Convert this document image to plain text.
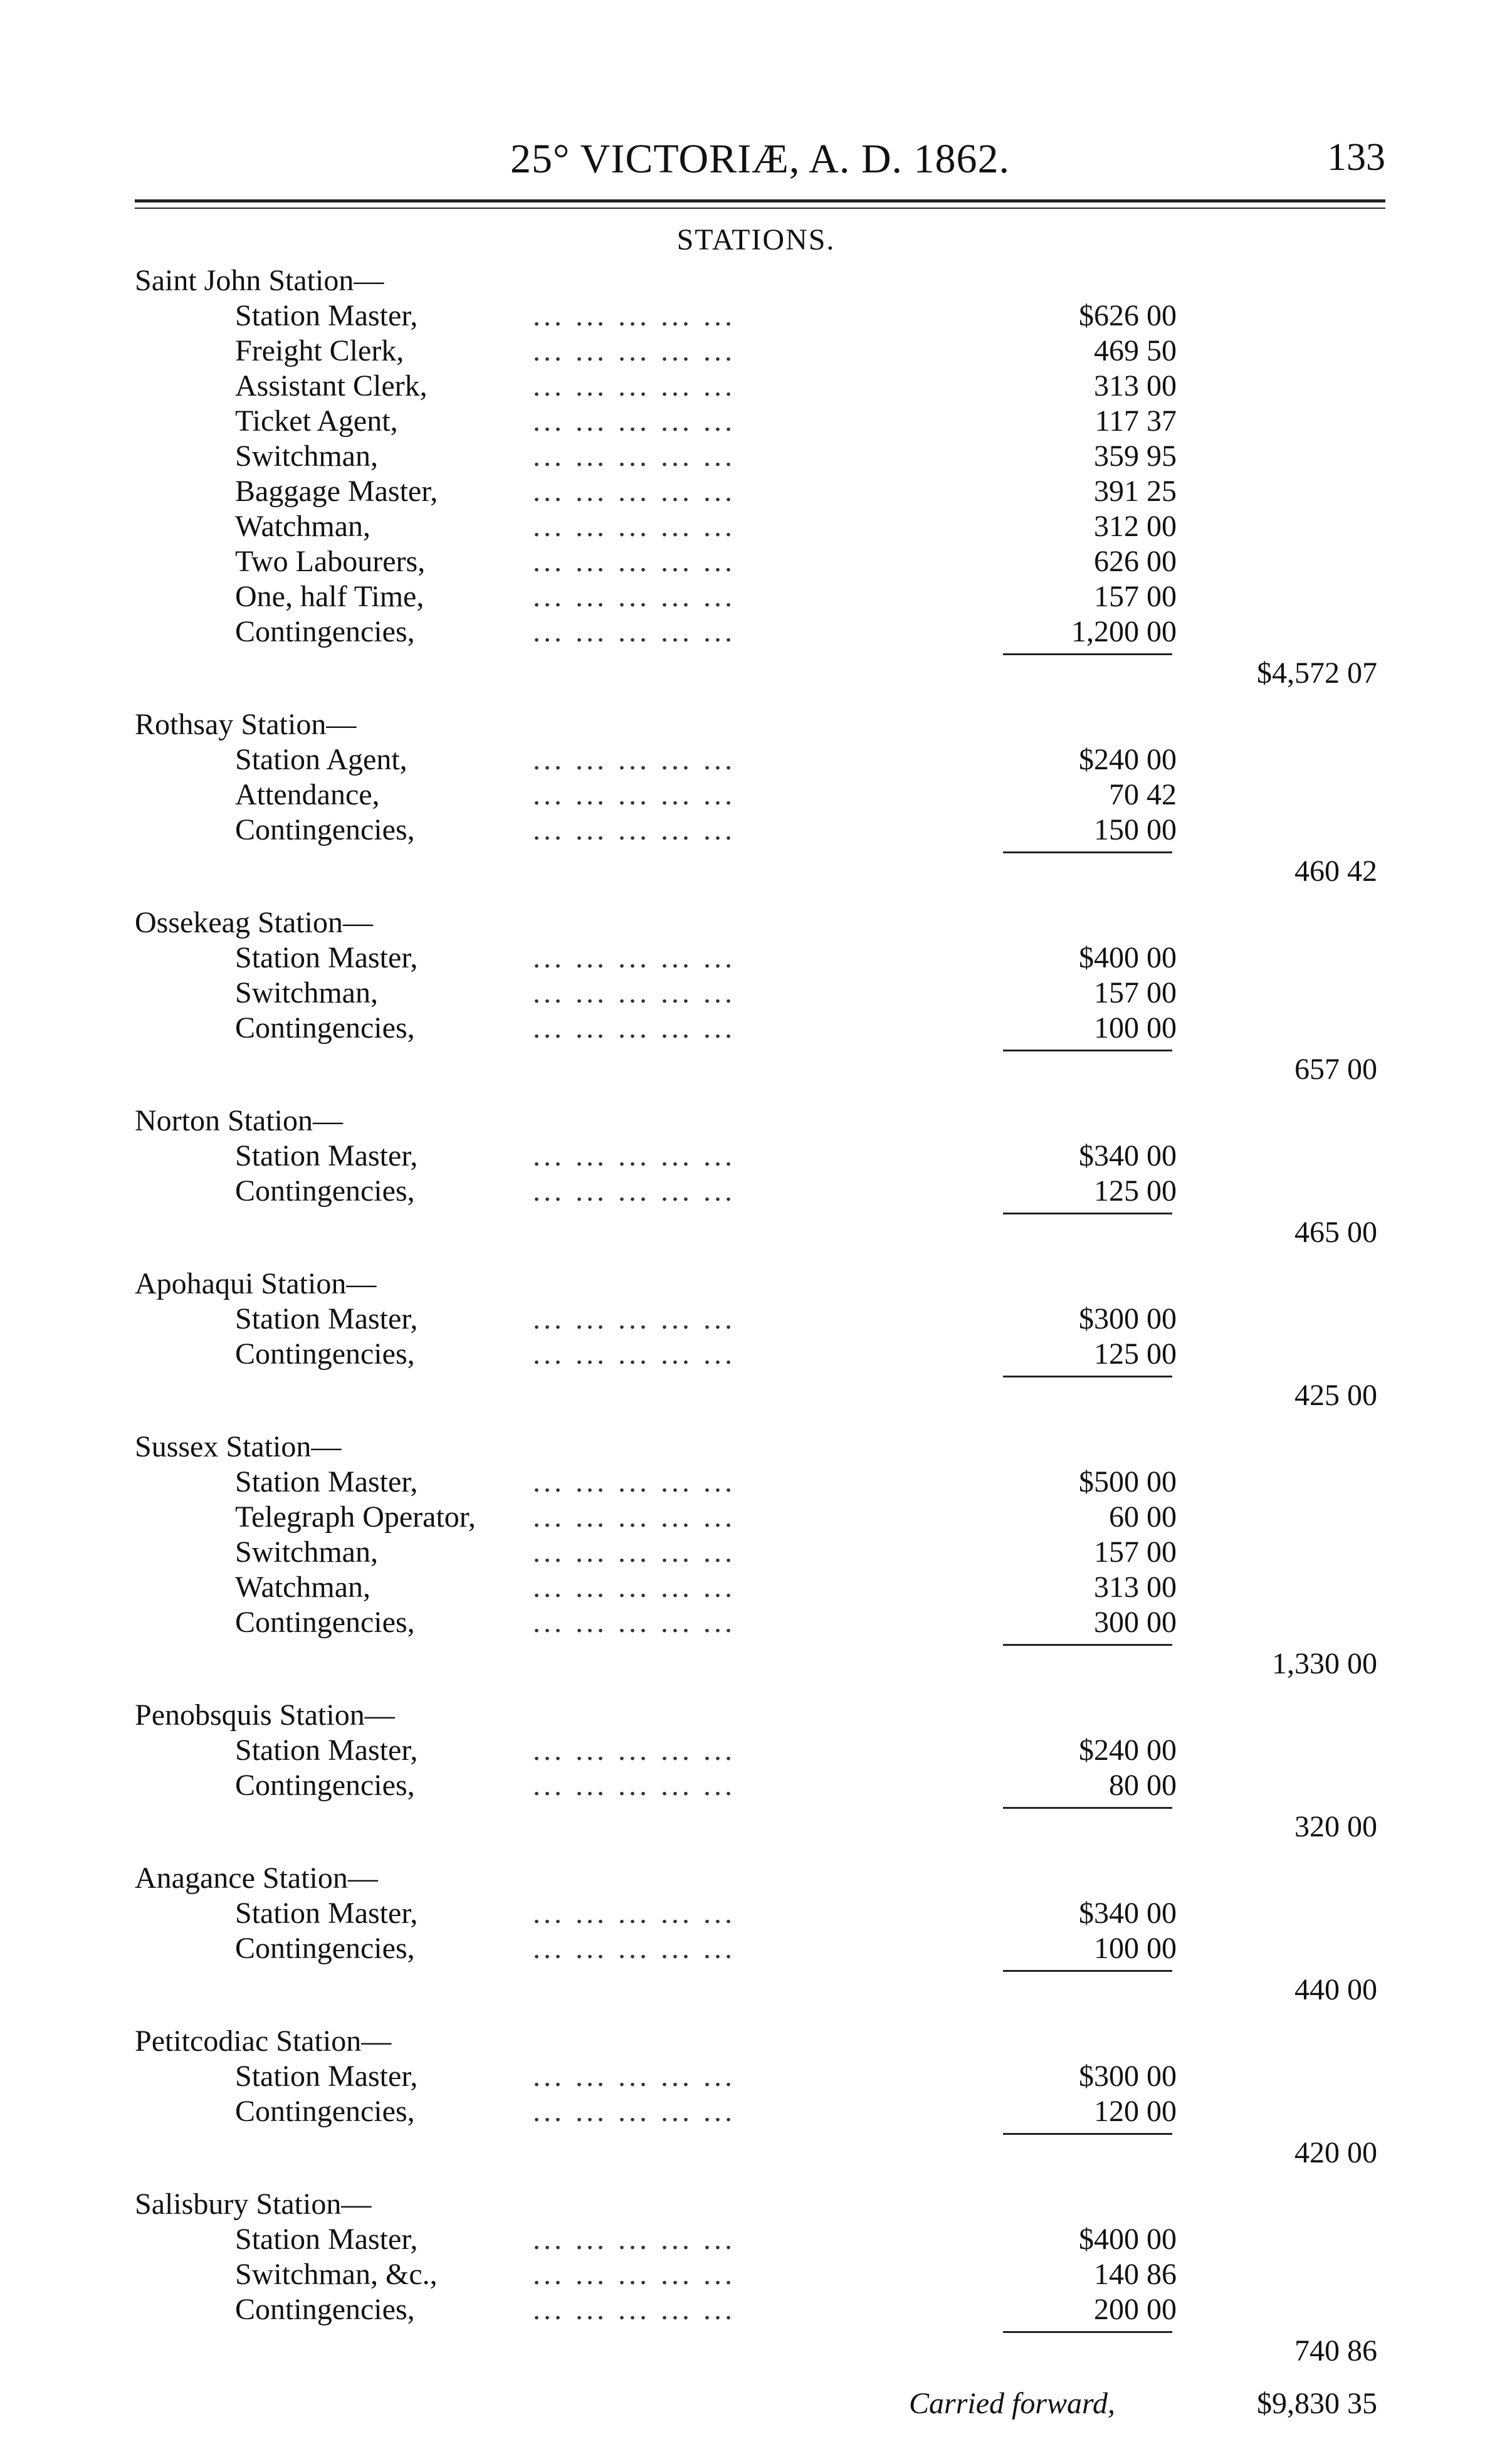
25° VICTORIÆ, A. D. 1862.	133
STATIONS.
Saint John Station—
Station Master,	... ... ... ... ...	$626 00
Freight Clerk,	... ... ... ... ...	469 50
Assistant Clerk,	... ... ... ... ...	313 00
Ticket Agent,	... ... ... ... ...	117 37
Switchman,	... ... ... ... ...	359 95
Baggage Master,	... ... ... ... ...	391 25
Watchman,	... ... ... ... ...	312 00
Two Labourers,	... ... ... ... ...	626 00
One, half Time,	... ... ... ... ...	157 00
Contingencies,	... ... ... ... ...	1,200 00
$4,572 07
Rothsay Station—
Station Agent,	... ... ... ... ...	$240 00
Attendance,	... ... ... ... ...	70 42
Contingencies,	... ... ... ... ...	150 00
460 42
Ossekeag Station—
Station Master,	... ... ... ... ...	$400 00
Switchman,	... ... ... ... ...	157 00
Contingencies,	... ... ... ... ...	100 00
657 00
Norton Station—
Station Master,	... ... ... ... ...	$340 00
Contingencies,	... ... ... ... ...	125 00
465 00
Apohaqui Station—
Station Master,	... ... ... ... ...	$300 00
Contingencies,	... ... ... ... ...	125 00
425 00
Sussex Station—
Station Master,	... ... ... ... ...	$500 00
Telegraph Operator, ... ... ... ... ...	60 00
Switchman,	... ... ... ... ...	157 00
Watchman,	... ... ... ... ...	313 00
Contingencies,	... ... ... ... ...	300 00
1,330 00
Penobsquis Station—
Station Master,	... ... ... ... ...	$240 00
Contingencies,	... ... ... ... ...	80 00
320 00
Anagance Station—
Station Master,	... ... ... ... ...	$340 00
Contingencies,	... ... ... ... ...	100 00
440 00
Petitcodiac Station—
Station Master,	... ... ... ... ...	$300 00
Contingencies,	... ... ... ... ...	120 00
420 00
Salisbury Station—
Station Master,	... ... ... ... ...	$400 00
Switchman, &c.,	... ... ... ... ...	140 86
Contingencies,	... ... ... ... ...	200 00
740 86
Carried forward,	$9,830 35
